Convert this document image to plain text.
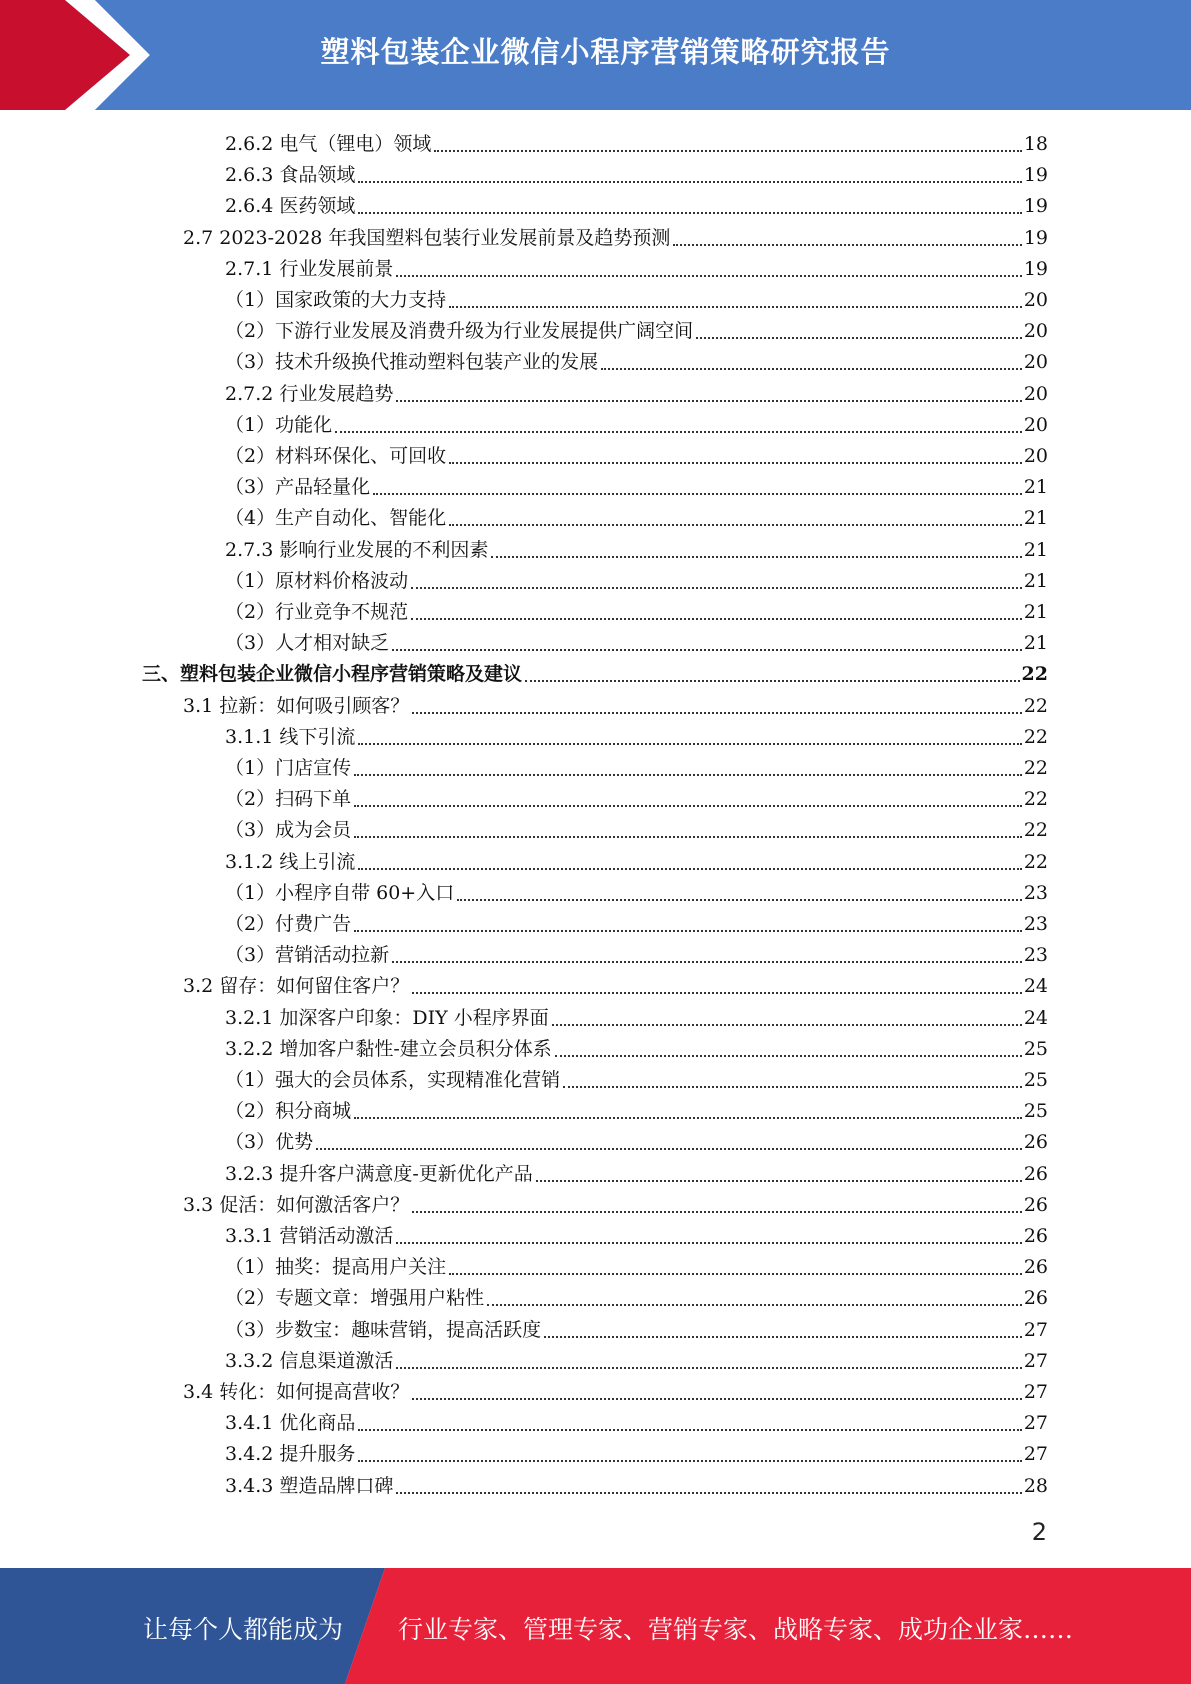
塑料包装企业微信小程序营销策略研究报告
2.6.2 电气（锂电）领域	18
2.6.3 食品领域	19
2.6.4 医药领域	19
2.7 2023-2028 年我国塑料包装行业发展前景及趋势预测	19
2.7.1 行业发展前景	19
（1）国家政策的大力支持	20
（2）下游行业发展及消费升级为行业发展提供广阔空间	20
（3）技术升级换代推动塑料包装产业的发展	20
2.7.2 行业发展趋势	20
（1）功能化	20
（2）材料环保化、可回收	20
（3）产品轻量化	21
（4）生产自动化、智能化	21
2.7.3 影响行业发展的不利因素	21
（1）原材料价格波动	21
（2）行业竞争不规范	21
（3）人才相对缺乏	21
三、塑料包装企业微信小程序营销策略及建议	22
3.1 拉新：如何吸引顾客？	22
3.1.1 线下引流	22
（1）门店宣传	22
（2）扫码下单	22
（3）成为会员	22
3.1.2 线上引流	22
（1）小程序自带 60+入口	23
（2）付费广告	23
（3）营销活动拉新	23
3.2 留存：如何留住客户？	24
3.2.1 加深客户印象：DIY 小程序界面	24
3.2.2 增加客户黏性-建立会员积分体系	25
（1）强大的会员体系，实现精准化营销	25
（2）积分商城	25
（3）优势	26
3.2.3 提升客户满意度-更新优化产品	26
3.3 促活：如何激活客户？	26
3.3.1 营销活动激活	26
（1）抽奖：提高用户关注	26
（2）专题文章：增强用户粘性	26
（3）步数宝：趣味营销，提高活跃度	27
3.3.2 信息渠道激活	27
3.4 转化：如何提高营收？	27
3.4.1 优化商品	27
3.4.2 提升服务	27
3.4.3 塑造品牌口碑	28
2
让每个人都能成为 行业专家、管理专家、营销专家、战略专家、成功企业家……
